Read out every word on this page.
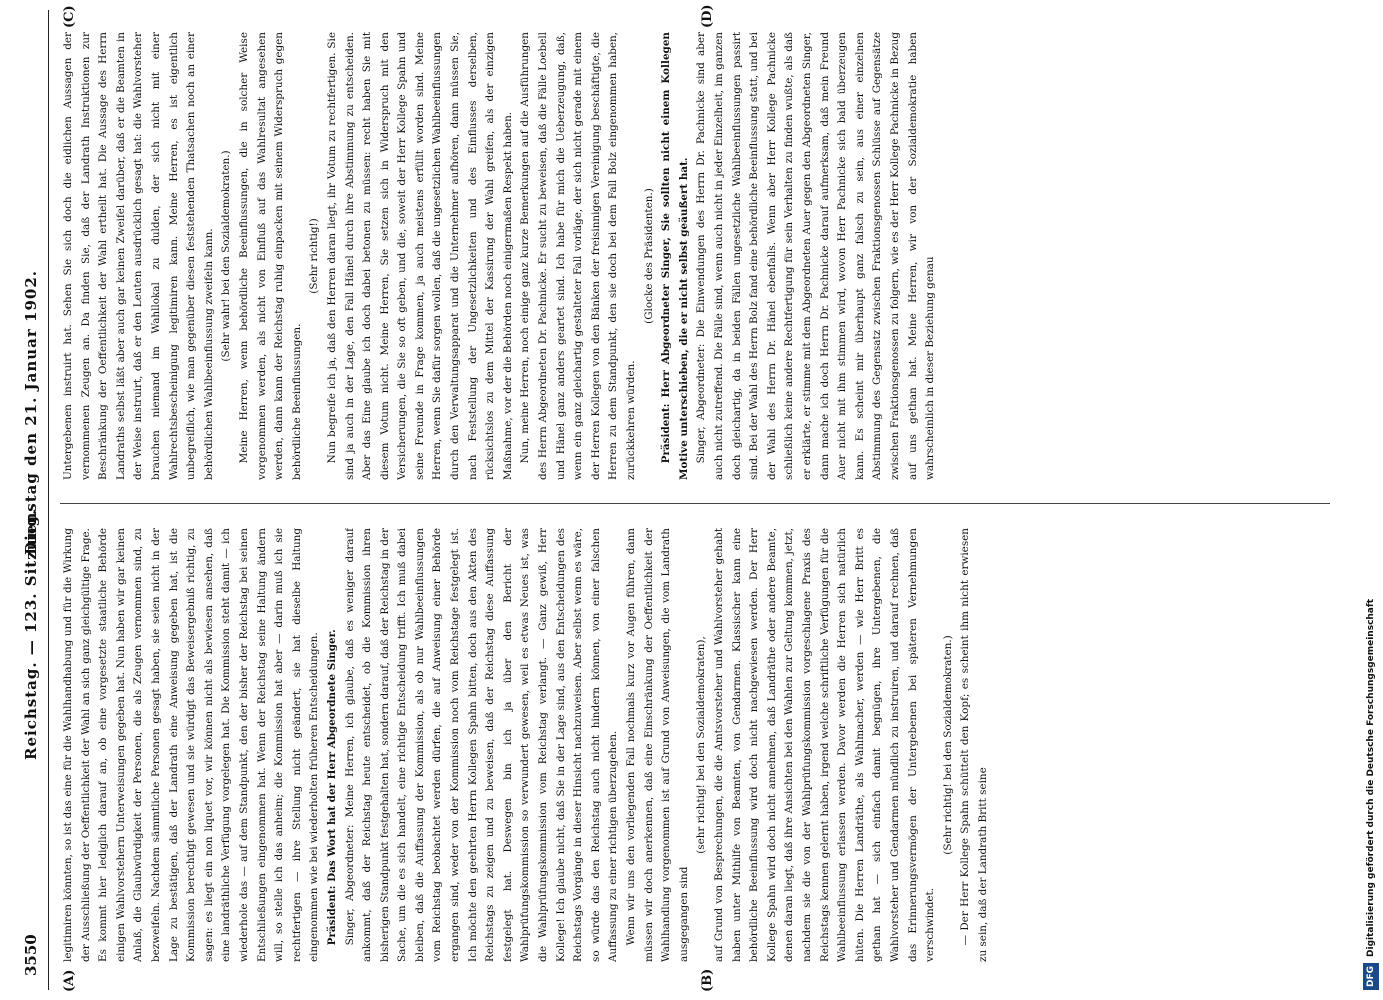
3550
Reichstag. — 123. Sitzung.
Dienstag den 21. Januar 1902.
(A)	(B)
(C)	(D)

legitimiren könnten, so ist das eine für die Wahlhandhabung und für die Wirkung der Ausschließung der Oeffentlichkeit der Wahl an sich ganz gleichgültige Frage. Es kommt hier lediglich darauf an, ob eine vorgesetzte staatliche Behörde einigen Wahlvorstehern Unterweisungen gegeben hat. Nun haben wir gar keinen Anlaß, die Glaubwürdigkeit der Personen, die als Zeugen vernommen sind, zu bezweifeln. Nachdem sämmtliche Personen gesagt haben, sie seien nicht in der Lage zu bestätigen, daß der Landrath eine Anweisung gegeben hat, ist die Kommission berechtigt gewesen und sie würdigt das Beweisergebniß richtig, zu sagen: es liegt ein non liquet vor, wir können nicht als bewiesen ansehen, daß eine landräthliche Verfügung vorgelegen hat. Die Kommission steht damit — ich wiederhole das — auf dem Standpunkt, den der bisher der Reichstag bei seinen Entschließungen eingenommen hat. Wenn der Reichstag seine Haltung ändern will, so stelle ich das anheim; die Kommission hat aber — darin muß ich sie rechtfertigen — ihre Stellung nicht geändert, sie hat dieselbe Haltung eingenommen wie bei wiederholten früheren Entscheidungen. Präsident: Das Wort hat der Herr Abgeordnete Singer. Singer, Abgeordneter: Meine Herren, ich glaube, daß es weniger darauf ankommt, daß der Reichstag heute entscheidet, ob die Kommission ihren bisherigen Standpunkt festgehalten hat, sondern darauf, daß der Reichstag in der Sache, um die es sich handelt, eine richtige Entscheidung trifft. Ich muß dabei bleiben, daß die Auffassung der Kommission, als ob nur Wahlbeeinflussungen vom Reichstag beobachtet werden dürfen, die auf Anweisung einer Behörde ergangen sind, weder von der Kommission noch vom Reichstage festgelegt ist. Ich möchte den geehrten Herrn Kollegen Spahn bitten, doch aus den Akten des Reichstags zu zeigen und zu beweisen, daß der Reichstag diese Auffassung festgelegt hat. Deswegen bin ich ja über den Bericht der Wahlprüfungskommission so verwundert gewesen, weil es etwas Neues ist, was die Wahlprüfungskommission vom Reichstag verlangt. — Ganz gewiß, Herr Kollege! Ich glaube nicht, daß Sie in der Lage sind, aus den Entscheidungen des Reichstags Vorgänge in dieser Hinsicht nachzuweisen. Aber selbst wenn es wäre, so würde das den Reichstag auch nicht hindern können, von einer falschen Auffassung zu einer richtigen überzugehen. Wenn wir uns den vorliegenden Fall nochmals kurz vor Augen führen, dann müssen wir doch anerkennen, daß eine Einschränkung der Oeffentlichkeit der Wahlhandlung vorgenommen ist auf Grund von Anweisungen, die vom Landrath ausgegangen sind

(sehr richtig! bei den Sozialdemokraten), auf Grund von Besprechungen, die die Amtsvorsteher und Wahlvorsteher gehabt haben unter Mithilfe von Beamten, von Gendarmen. Klassischer kann eine behördliche Beeinflussung wird doch nicht nachgewiesen werden. Der Herr Kollege Spahn wird doch nicht annehmen, daß Landräthe oder andere Beamte, denen daran liegt, daß ihre Ansichten bei den Wahlen zur Geltung kommen, jetzt, nachdem sie die von der Wahlprüfungskommission vorgeschlagene Praxis des Reichstags kennen gelernt haben, irgend welche schriftliche Verfügungen für die Wahlbeeinflussung erlassen werden. Davor werden die Herren sich natürlich hüten. Die Herren Landräthe, als Wahlmacher, werden — wie Herr Britt es gethan hat — sich einfach damit begnügen, ihre Untergebenen, die Wahlvorsteher und Gendarmen mündlich zu instruiren, und darauf rechnen, daß das Erinnerungsvermögen der Untergebenen bei späteren Vernehmungen verschwindet.

(Sehr richtig! bei den Sozialdemokraten.) — Der Herr Kollege Spahn schüttelt den Kopf; es scheint ihm nicht erwiesen zu sein, daß der Landrath Britt seine

Untergebenen instruirt hat. Sehen Sie sich doch die eidlichen Aussagen der vernommenen Zeugen an. Da finden Sie, daß der Landrath Instruktionen zur Beschränkung der Oeffentlichkeit der Wahl ertheilt hat. Die Aussage des Herrn Landraths selbst läßt aber auch gar keinen Zweifel darüber, daß er die Beamten in der Weise instruirt, daß er den Leuten ausdrücklich gesagt hat: die Wahlvorsteher brauchen niemand im Wahllokal zu dulden, der sich nicht mit einer Wahlrechtsbescheinigung legitimiren kann. Meine Herren, es ist eigentlich unbegreiflich, wie man gegenüber diesen feststehenden Thatsachen noch an einer behördlichen Wahlbeeinflussung zweifeln kann. (Sehr wahr! bei den Sozialdemokraten.) Meine Herren, wenn behördliche Beeinflussungen, die in solcher Weise vorgenommen werden, als nicht von Einfluß auf das Wahlresultat angesehen werden, dann kann der Reichstag ruhig einpacken mit seinem Widerspruch gegen behördliche Beeinflussungen.

(Sehr richtig!) Nun begreife ich ja, daß den Herren daran liegt, ihr Votum zu rechtfertigen. Sie sind ja auch in der Lage, den Fall Hänel durch ihre Abstimmung zu entscheiden. Aber das Eine glaube ich doch dabei betonen zu müssen: recht haben Sie mit diesem Votum nicht. Meine Herren, Sie setzen sich in Widerspruch mit den Versicherungen, die Sie so oft geben, und die, soweit der Herr Kollege Spahn und seine Freunde in Frage kommen, ja auch meistens erfüllt worden sind. Meine Herren, wenn Sie dafür sorgen wollen, daß die ungesetzlichen Wahlbeeinflussungen durch den Verwaltungsapparat und die Unternehmer aufhören, dann müssen Sie, nach Feststellung der Ungesetzlichkeiten und des Einflusses derselben, rücksichtslos zu dem Mittel der Kassirung der Wahl greifen, als der einzigen Maßnahme, vor der die Behörden noch einigermaßen Respekt haben. Nun, meine Herren, noch einige ganz kurze Bemerkungen auf die Ausführungen des Herrn Abgeordneten Dr. Pachnicke. Er sucht zu beweisen, daß die Fälle Loebell und Hänel ganz anders geartet sind. Ich habe für mich die Ueberzeugung, daß, wenn ein ganz gleichartig gestalteter Fall vorläge, der sich nicht gerade mit einem der Herren Kollegen von den Bänken der freisinnigen Vereinigung beschäftigte, die Herren zu dem Standpunkt, den sie doch bei dem Fall Bolz eingenommen haben, zurückkehren würden.

(Glocke des Präsidenten.) Präsident: Herr Abgeordneter Singer, Sie sollten nicht einem Kollegen Motive unterschieben, die er nicht selbst geäußert hat. Singer, Abgeordneter: Die Einwendungen des Herrn Dr. Pachnicke sind aber auch nicht zutreffend. Die Fälle sind, wenn auch nicht in jeder Einzelheit, im ganzen doch gleichartig, da in beiden Fällen ungesetzliche Wahlbeeinflussungen passirt sind. Bei der Wahl des Herrn Bolz fand eine behördliche Beeinflussung statt, und bei der Wahl des Herrn Dr. Hänel ebenfalls. Wenn aber Herr Kollege Pachnicke schließlich keine andere Rechtfertigung für sein Verhalten zu finden wußte, als daß er erklärte, er stimme mit dem Abgeordneten Auer gegen den Abgeordneten Singer, dann mache ich doch Herrn Dr. Pachnicke darauf aufmerksam, daß mein Freund Auer nicht mit ihm stimmen wird, wovon Herr Pachnicke sich bald überzeugen kann. Es scheint mir überhaupt ganz falsch zu sein, aus einer einzelnen Abstimmung des Gegensatz zwischen Fraktionsgenossen Schlüsse auf Gegensätze zwischen Fraktionsgenossen zu folgern, wie es der Herr Kollege Pachnicke in Bezug auf uns gethan hat. Meine Herren, wir von der Sozialdemokratie haben wahrscheinlich in dieser Beziehung genau

DFGDigitalisierung gefördert durch die Deutsche Forschungsgemeinschaft
